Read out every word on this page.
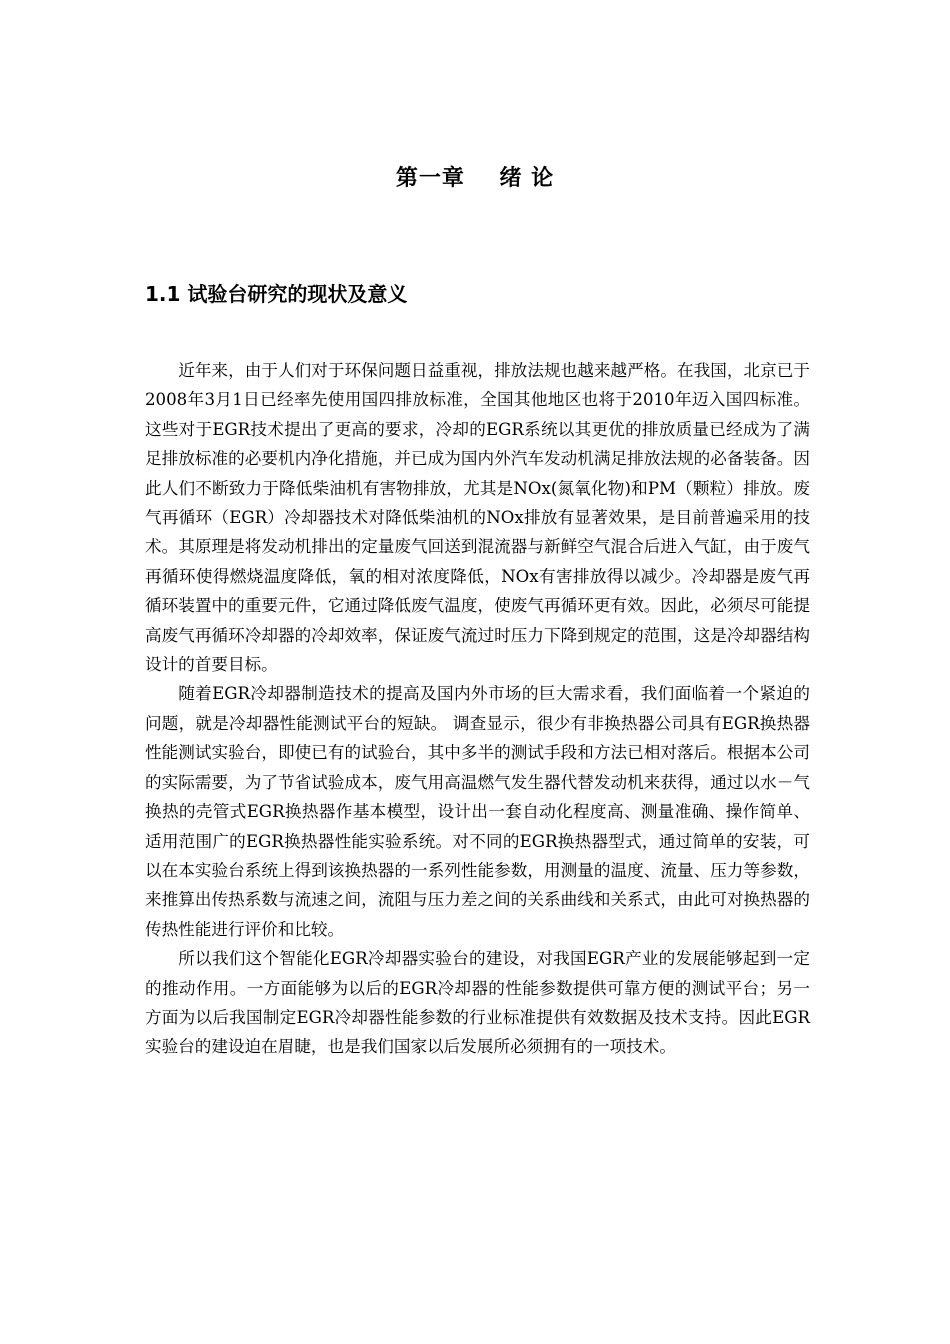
第一章    绪 论
1.1 试验台研究的现状及意义

近年来，由于人们对于环保问题日益重视，排放法规也越来越严格。在我国，北京已于2008年3月1日已经率先使用国四排放标准，全国其他地区也将于2010年迈入国四标准。这些对于EGR技术提出了更高的要求，冷却的EGR系统以其更优的排放质量已经成为了满足排放标准的必要机内净化措施，并已成为国内外汽车发动机满足排放法规的必备装备。因此人们不断致力于降低柴油机有害物排放，尤其是NOx(氮氧化物)和PM（颗粒）排放。废气再循环（EGR）冷却器技术对降低柴油机的NOx排放有显著效果，是目前普遍采用的技术。其原理是将发动机排出的定量废气回送到混流器与新鲜空气混合后进入气缸，由于废气再循环使得燃烧温度降低，氧的相对浓度降低，NOx有害排放得以减少。冷却器是废气再循环装置中的重要元件，它通过降低废气温度，使废气再循环更有效。因此，必须尽可能提高废气再循环冷却器的冷却效率，保证废气流过时压力下降到规定的范围，这是冷却器结构设计的首要目标。

随着EGR冷却器制造技术的提高及国内外市场的巨大需求看，我们面临着一个紧迫的问题，就是冷却器性能测试平台的短缺。 调查显示，很少有非换热器公司具有EGR换热器性能测试实验台，即使已有的试验台，其中多半的测试手段和方法已相对落后。根据本公司的实际需要，为了节省试验成本，废气用高温燃气发生器代替发动机来获得，通过以水－气换热的壳管式EGR换热器作基本模型，设计出一套自动化程度高、测量准确、操作简单、适用范围广的EGR换热器性能实验系统。对不同的EGR换热器型式，通过简单的安装，可以在本实验台系统上得到该换热器的一系列性能参数，用测量的温度、流量、压力等参数，来推算出传热系数与流速之间，流阻与压力差之间的关系曲线和关系式，由此可对换热器的传热性能进行评价和比较。

所以我们这个智能化EGR冷却器实验台的建设，对我国EGR产业的发展能够起到一定的推动作用。一方面能够为以后的EGR冷却器的性能参数提供可靠方便的测试平台；另一方面为以后我国制定EGR冷却器性能参数的行业标准提供有效数据及技术支持。因此EGR实验台的建设迫在眉睫，也是我们国家以后发展所必须拥有的一项技术。
